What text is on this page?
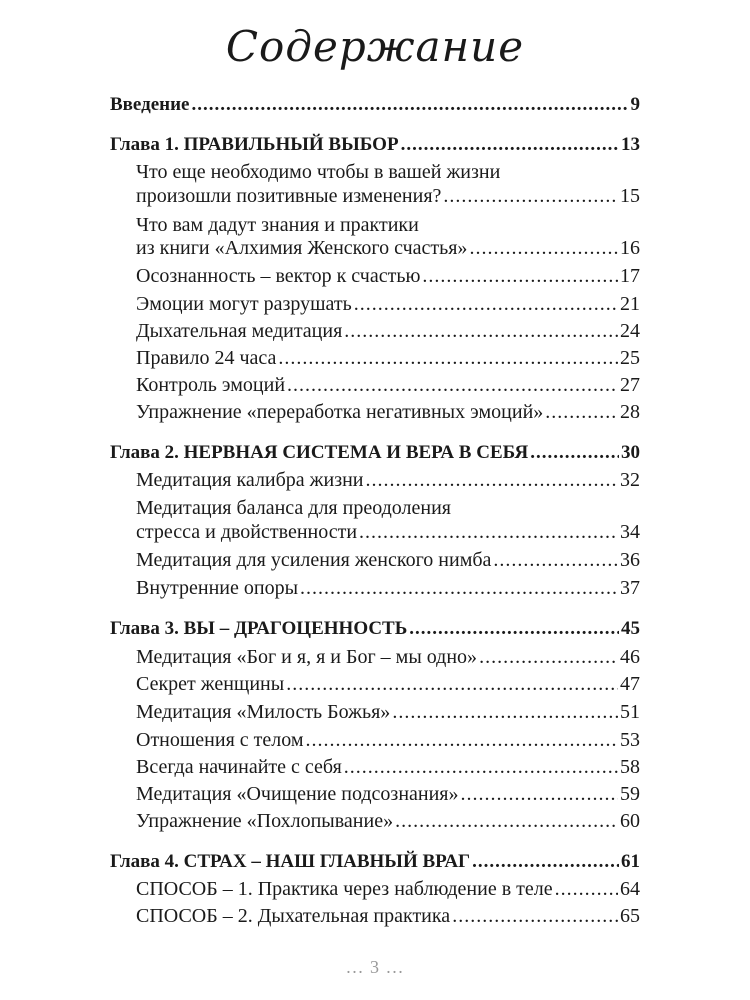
Содержание
Введение .....	9
Глава 1. ПРАВИЛЬНЫЙ ВЫБОР .....	13
Что еще необходимо чтобы в вашей жизни
произошли позитивные изменения? .....	15
Что вам дадут знания и практики
из книги «Алхимия Женского счастья» .....	16
Осознанность – вектор к счастью .....	17
Эмоции могут разрушать .....	21
Дыхательная медитация .....	24
Правило 24 часа .....	25
Контроль эмоций .....	27
Упражнение «переработка негативных эмоций» .....	28
Глава 2. НЕРВНАЯ СИСТЕМА И ВЕРА В СЕБЯ .....	30
Медитация калибра жизни .....	32
Медитация баланса для преодоления
стресса и двойственности .....	34
Медитация для усиления женского нимба .....	36
Внутренние опоры .....	37
Глава 3. ВЫ – ДРАГОЦЕННОСТЬ .....	45
Медитация «Бог и я, я и Бог – мы одно» .....	46
Секрет женщины .....	47
Медитация «Милость Божья» .....	51
Отношения с телом .....	53
Всегда начинайте с себя .....	58
Медитация «Очищение подсознания» .....	59
Упражнение «Похлопывание» .....	60
Глава 4. СТРАХ – НАШ ГЛАВНЫЙ ВРАГ .....	61
СПОСОБ – 1. Практика через наблюдение в теле .....	64
СПОСОБ – 2. Дыхательная практика .....	65
… 3 …
